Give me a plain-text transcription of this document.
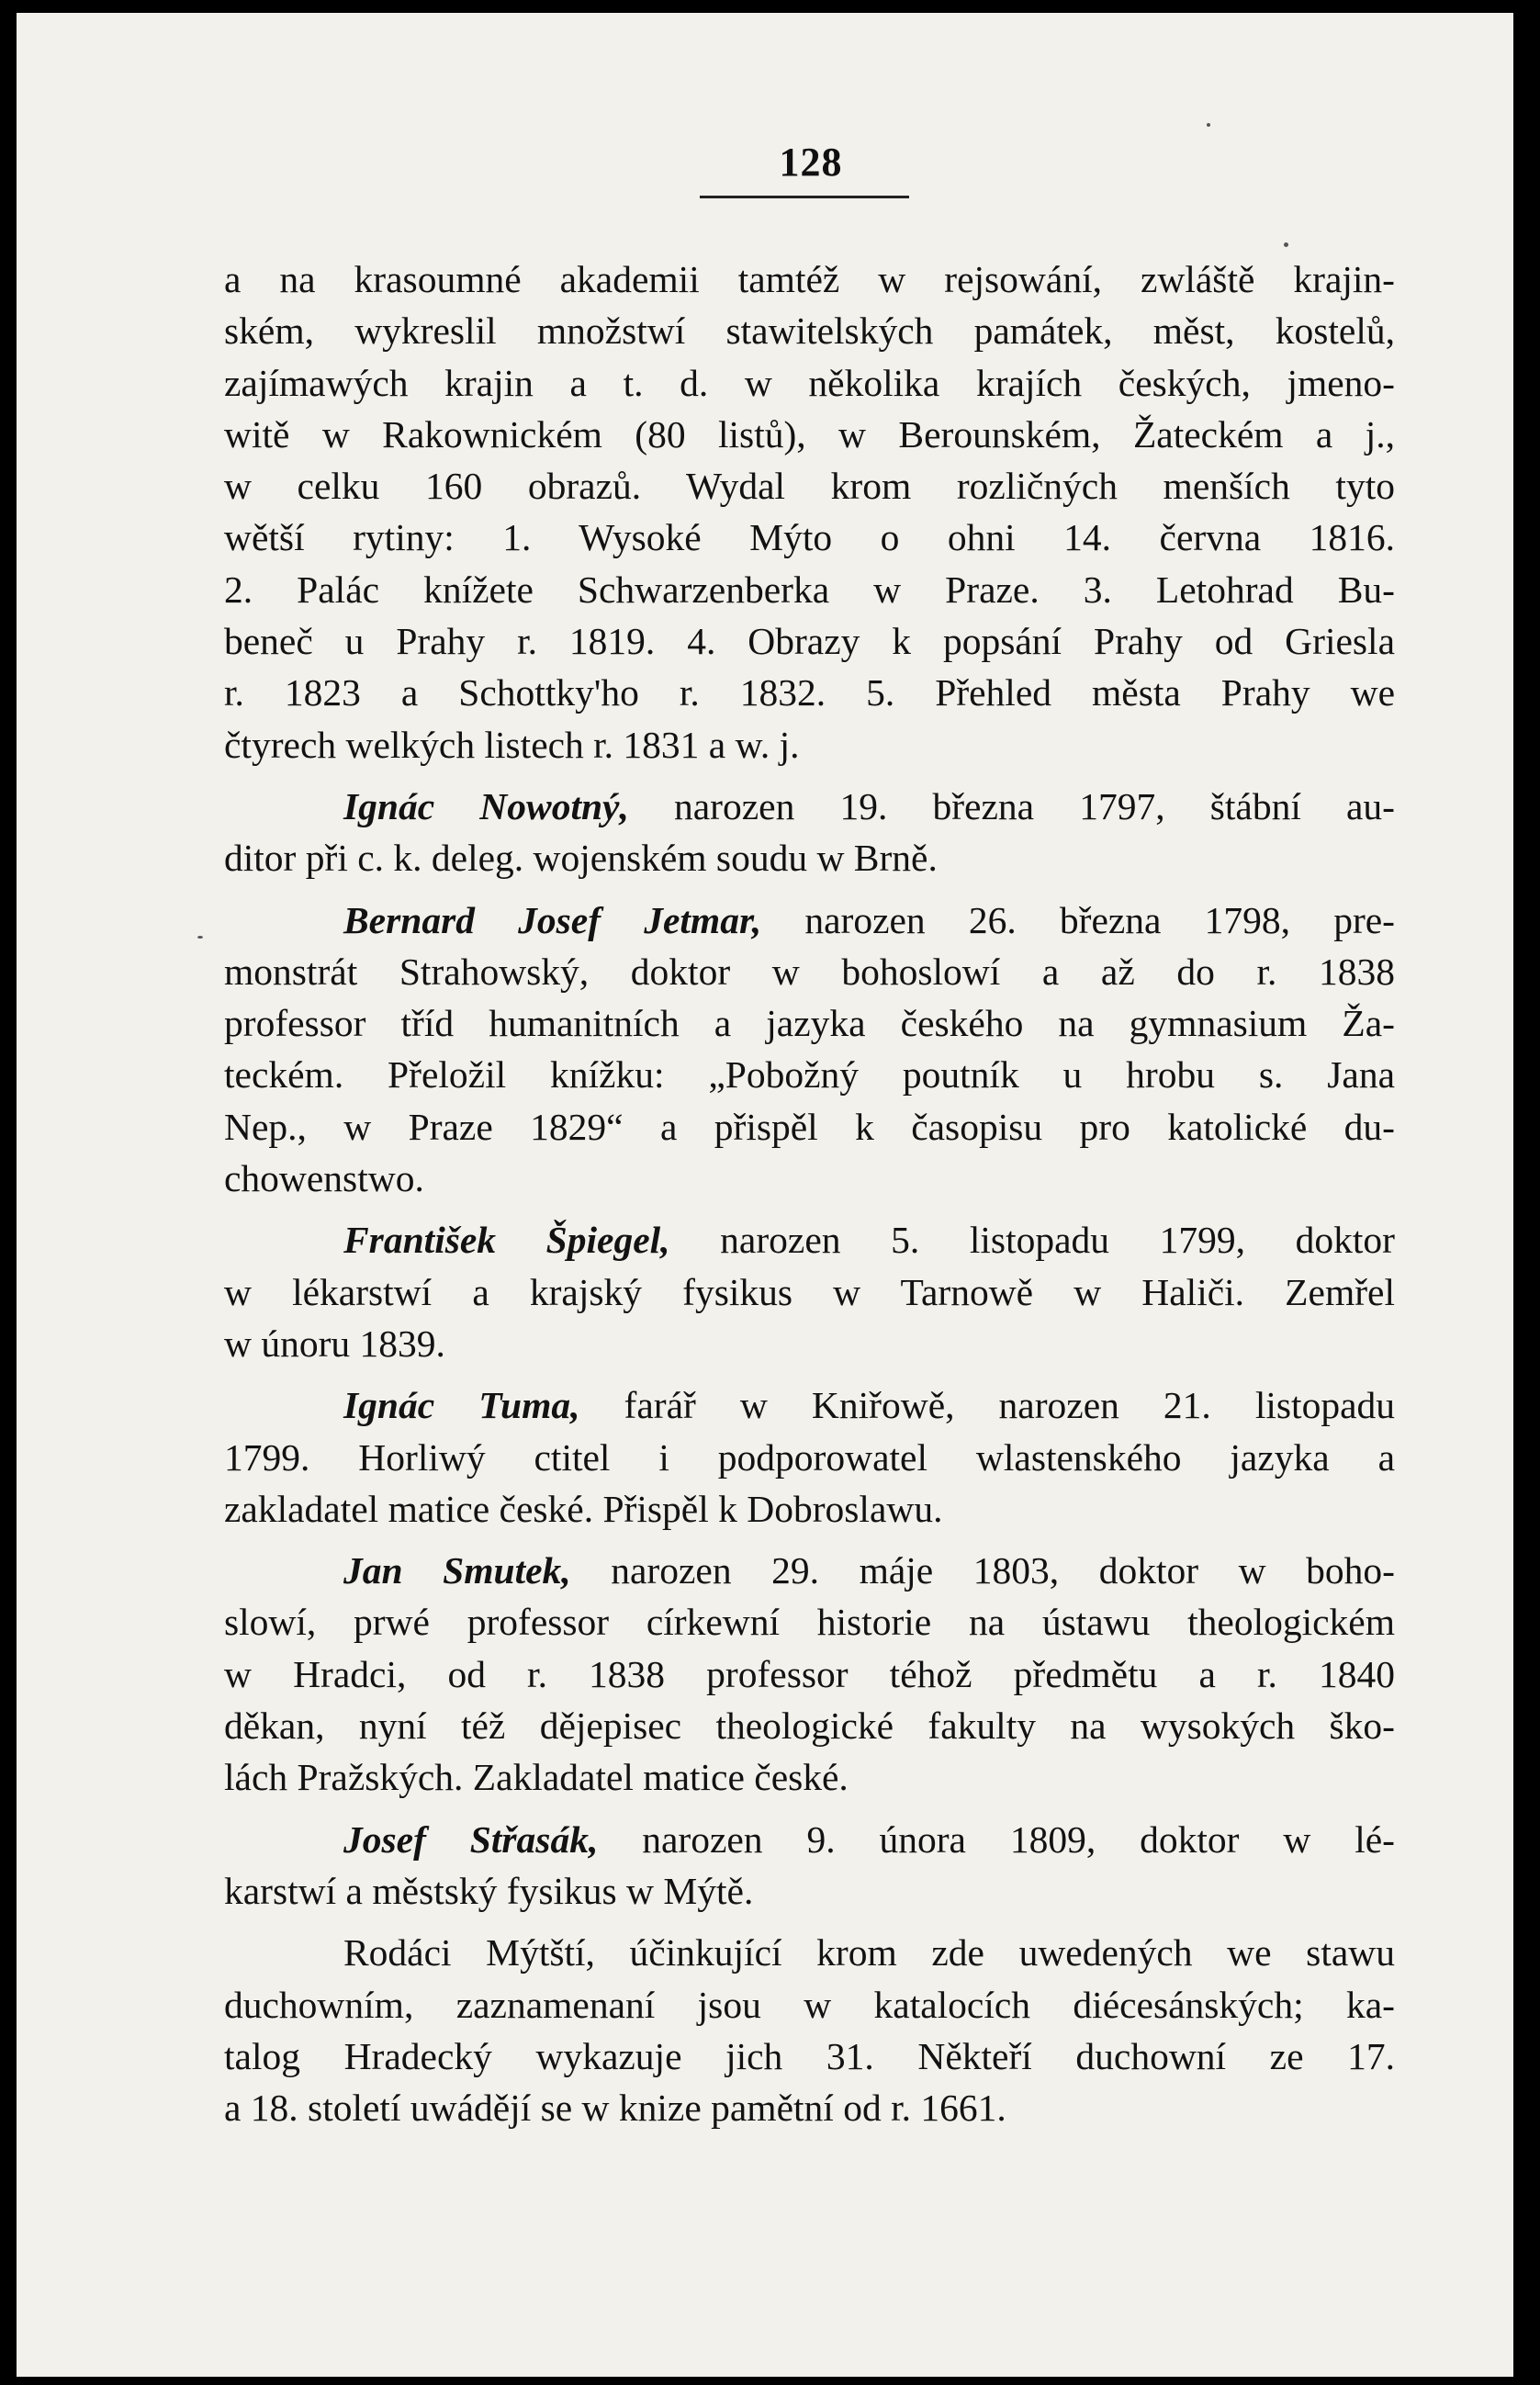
128
a na krasoumné akademii tamtéž w rejsowání, zwláště krajin-
ském, wykreslil množstwí stawitelských památek, měst, kostelů,
zajímawých krajin a t. d. w několika krajích českých, jmeno-
witě w Rakownickém (80 listů), w Berounském, Žateckém a j.,
w celku 160 obrazů. Wydal krom rozličných menších tyto
wětší rytiny: 1. Wysoké Mýto o ohni 14. června 1816.
2. Palác knížete Schwarzenberka w Praze. 3. Letohrad Bu-
beneč u Prahy r. 1819. 4. Obrazy k popsání Prahy od Griesla
r. 1823 a Schottky'ho r. 1832. 5. Přehled města Prahy we
čtyrech welkých listech r. 1831 a w. j.
Ignác Nowotný, narozen 19. března 1797, štábní au-
ditor při c. k. deleg. wojenském soudu w Brně.
Bernard Josef Jetmar, narozen 26. března 1798, pre-
monstrát Strahowský, doktor w bohoslowí a až do r. 1838
professor tříd humanitních a jazyka českého na gymnasium Ža-
teckém. Přeložil knížku: „Pobožný poutník u hrobu s. Jana
Nep., w Praze 1829“ a přispěl k časopisu pro katolické du-
chowenstwo.
František Špiegel, narozen 5. listopadu 1799, doktor
w lékarstwí a krajský fysikus w Tarnowě w Haliči. Zemřel
w únoru 1839.
Ignác Tuma, farář w Kniřowě, narozen 21. listopadu
1799. Horliwý ctitel i podporowatel wlastenského jazyka a
zakladatel matice české. Přispěl k Dobroslawu.
Jan Smutek, narozen 29. máje 1803, doktor w boho-
slowí, prwé professor církewní historie na ústawu theologickém
w Hradci, od r. 1838 professor téhož předmětu a r. 1840
děkan, nyní též dějepisec theologické fakulty na wysokých ško-
lách Pražských. Zakladatel matice české.
Josef Střasák, narozen 9. února 1809, doktor w lé-
karstwí a městský fysikus w Mýtě.
Rodáci Mýtští, účinkující krom zde uwedených we stawu
duchowním, zaznamenaní jsou w katalocích diécesánských; ka-
talog Hradecký wykazuje jich 31. Někteří duchowní ze 17.
a 18. století uwádějí se w knize pamětní od r. 1661.
